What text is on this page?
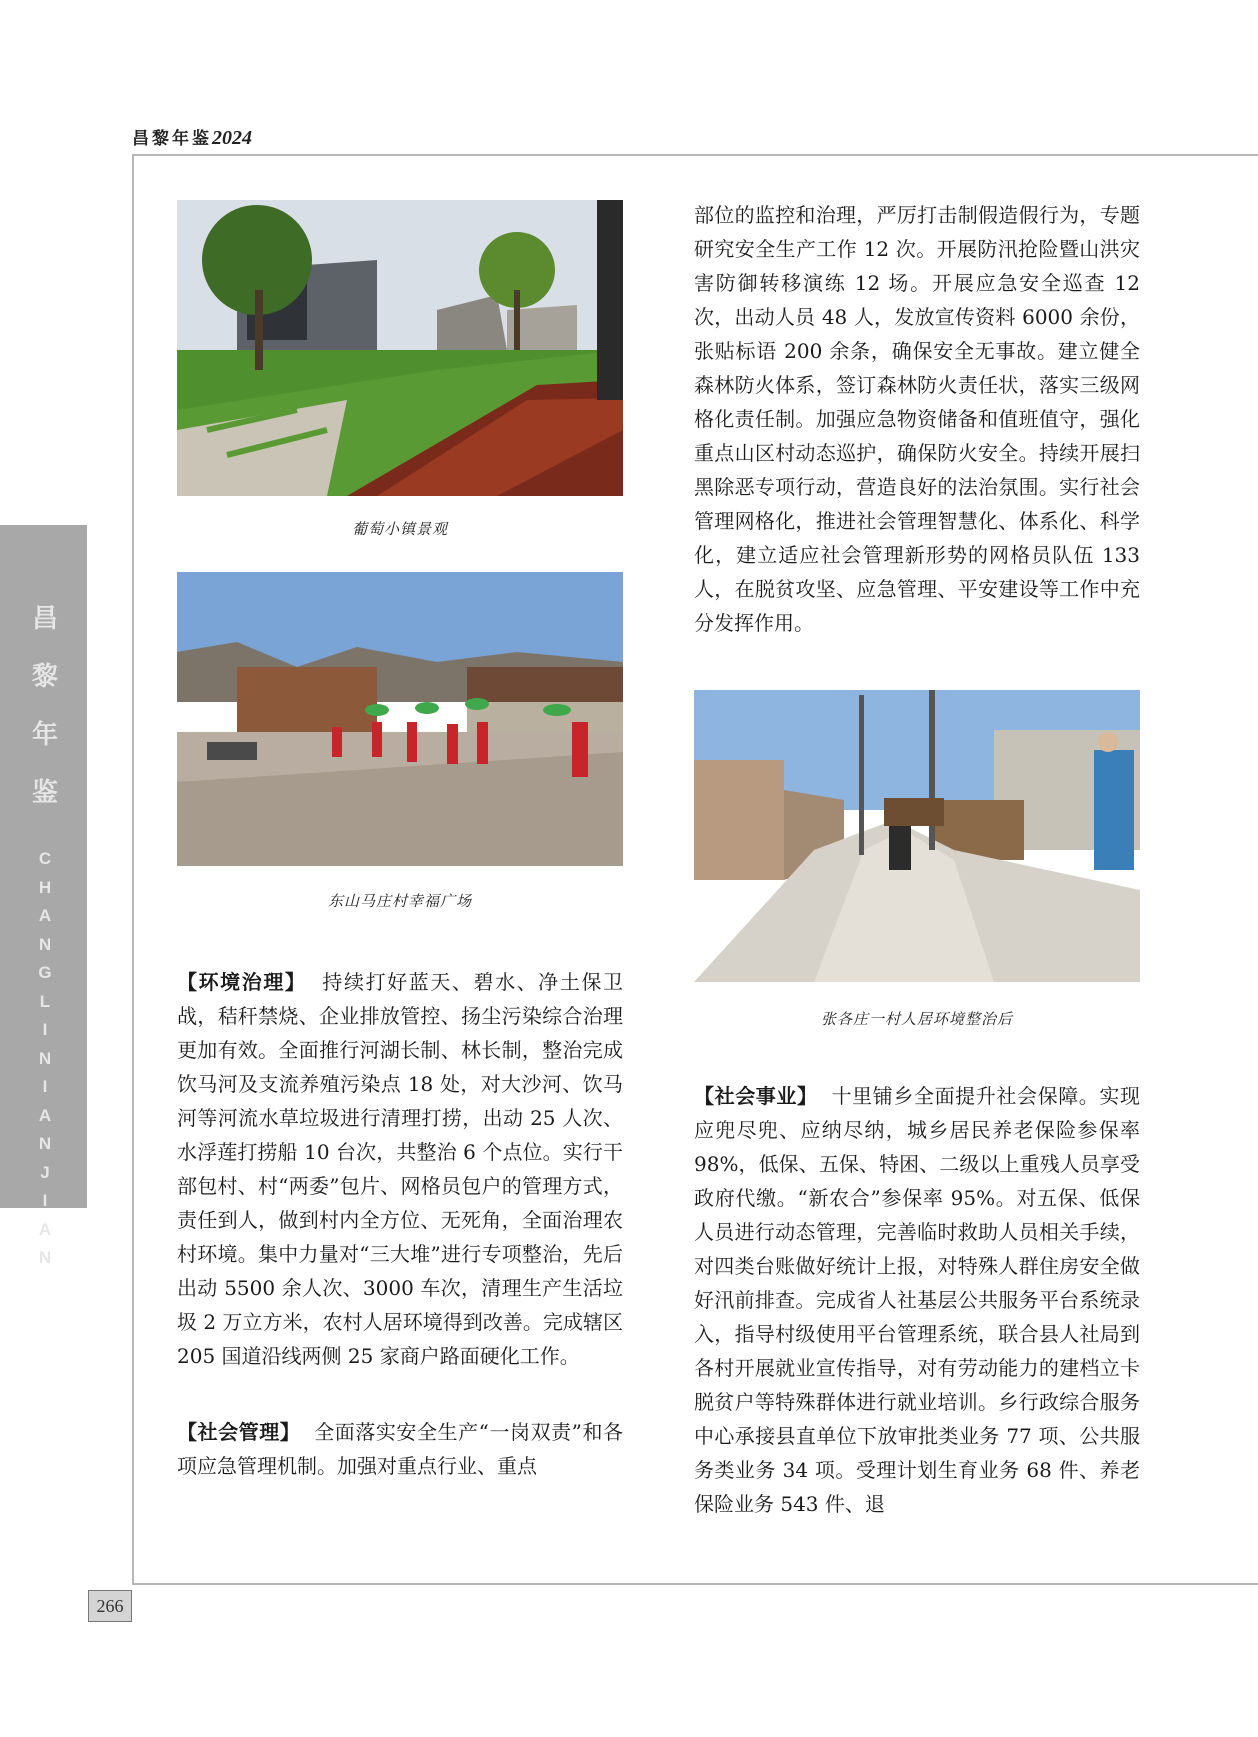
昌黎年鉴2024
昌
黎
年
鉴
C
H
A
N
G
L
I
N
I
A
N
J
I
A
N
266
葡萄小镇景观
东山马庄村幸福广场
张各庄一村人居环境整治后

【环境治理】 持续打好蓝天、碧水、净土保卫战，秸秆禁烧、企业排放管控、扬尘污染综合治理更加有效。全面推行河湖长制、林长制，整治完成饮马河及支流养殖污染点 18 处，对大沙河、饮马河等河流水草垃圾进行清理打捞，出动 25 人次、水浮莲打捞船 10 台次，共整治 6 个点位。实行干部包村、村“两委”包片、网格员包户的管理方式，责任到人，做到村内全方位、无死角，全面治理农村环境。集中力量对“三大堆”进行专项整治，先后出动 5500 余人次、3000 车次，清理生产生活垃圾 2 万立方米，农村人居环境得到改善。完成辖区 205 国道沿线两侧 25 家商户路面硬化工作。

【社会管理】 全面落实安全生产“一岗双责”和各项应急管理机制。加强对重点行业、重点

部位的监控和治理，严厉打击制假造假行为，专题研究安全生产工作 12 次。开展防汛抢险暨山洪灾害防御转移演练 12 场。开展应急安全巡查 12 次，出动人员 48 人，发放宣传资料 6000 余份，张贴标语 200 余条，确保安全无事故。建立健全森林防火体系，签订森林防火责任状，落实三级网格化责任制。加强应急物资储备和值班值守，强化重点山区村动态巡护，确保防火安全。持续开展扫黑除恶专项行动，营造良好的法治氛围。实行社会管理网格化，推进社会管理智慧化、体系化、科学化，建立适应社会管理新形势的网格员队伍 133 人，在脱贫攻坚、应急管理、平安建设等工作中充分发挥作用。

【社会事业】 十里铺乡全面提升社会保障。实现应兜尽兜、应纳尽纳，城乡居民养老保险参保率 98%，低保、五保、特困、二级以上重残人员享受政府代缴。“新农合”参保率 95%。对五保、低保人员进行动态管理，完善临时救助人员相关手续，对四类台账做好统计上报，对特殊人群住房安全做好汛前排查。完成省人社基层公共服务平台系统录入，指导村级使用平台管理系统，联合县人社局到各村开展就业宣传指导，对有劳动能力的建档立卡脱贫户等特殊群体进行就业培训。乡行政综合服务中心承接县直单位下放审批类业务 77 项、公共服务类业务 34 项。受理计划生育业务 68 件、养老保险业务 543 件、退
